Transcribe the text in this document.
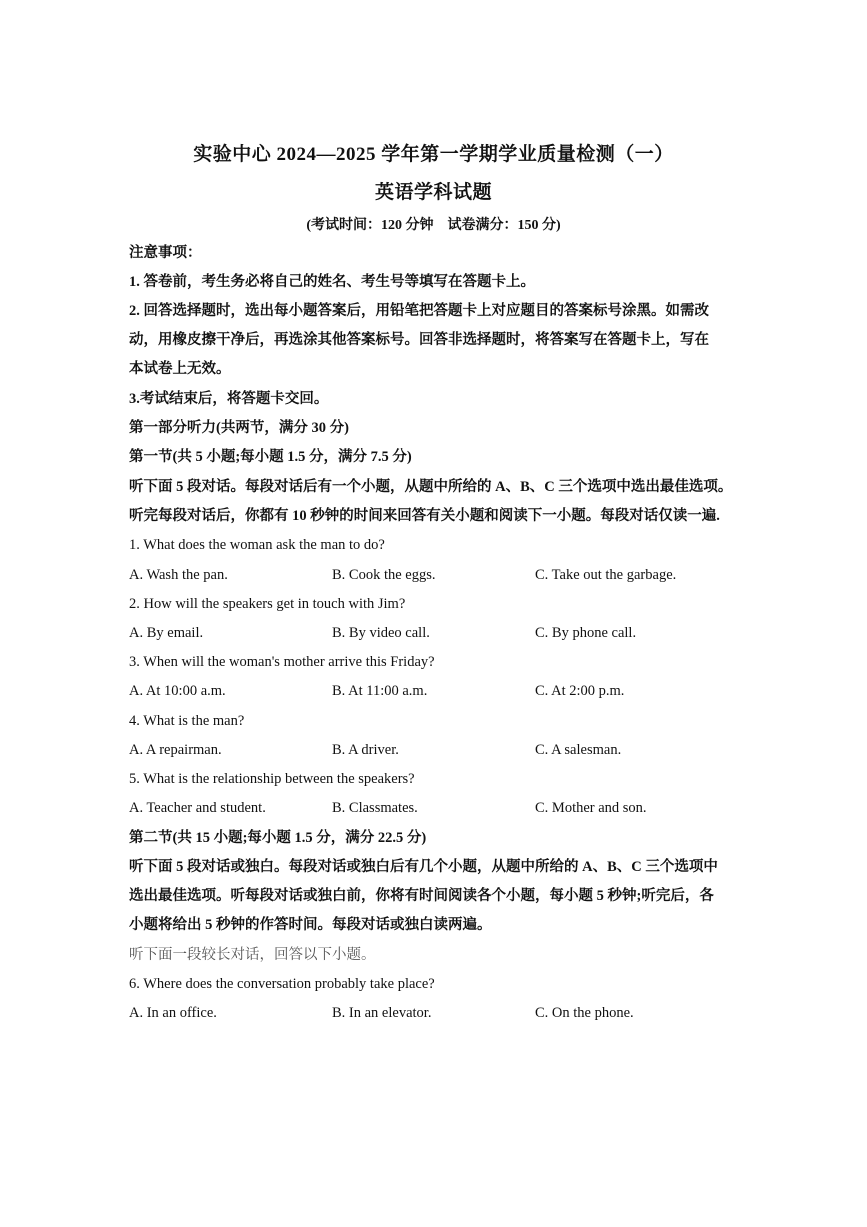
实验中心 2024—2025 学年第一学期学业质量检测（一）
英语学科试题
(考试时间：120 分钟　试卷满分：150 分)
注意事项：
1. 答卷前，考生务必将自己的姓名、考生号等填写在答题卡上。
2. 回答选择题时，选出每小题答案后，用铅笔把答题卡上对应题目的答案标号涂黑。如需改
动，用橡皮擦干净后，再选涂其他答案标号。回答非选择题时，将答案写在答题卡上，写在
本试卷上无效。
3.考试结束后，将答题卡交回。
第一部分听力(共两节，满分 30 分)
第一节(共 5 小题;每小题 1.5 分，满分 7.5 分)
听下面 5 段对话。每段对话后有一个小题，从题中所给的 A、B、C 三个选项中选出最佳选项。
听完每段对话后，你都有 10 秒钟的时间来回答有关小题和阅读下一小题。每段对话仅读一遍.
1. What does the woman ask the man to do?
A. Wash the pan.	B. Cook the eggs.	C. Take out the garbage.
2. How will the speakers get in touch with Jim?
A. By email.	B. By video call.	C. By phone call.
3. When will the woman's mother arrive this Friday?
A. At 10:00 a.m.	B. At 11:00 a.m.	C. At 2:00 p.m.
4. What is the man?
A. A repairman.	B. A driver.	C. A salesman.
5. What is the relationship between the speakers?
A. Teacher and student.	B. Classmates.	C. Mother and son.
第二节(共 15 小题;每小题 1.5 分，满分 22.5 分)
听下面 5 段对话或独白。每段对话或独白后有几个小题，从题中所给的 A、B、C 三个选项中
选出最佳选项。听每段对话或独白前，你将有时间阅读各个小题，每小题 5 秒钟;听完后，各
小题将给出 5 秒钟的作答时间。每段对话或独白读两遍。
听下面一段较长对话，回答以下小题。
6. Where does the conversation probably take place?
A. In an office.	B. In an elevator.	C. On the phone.
